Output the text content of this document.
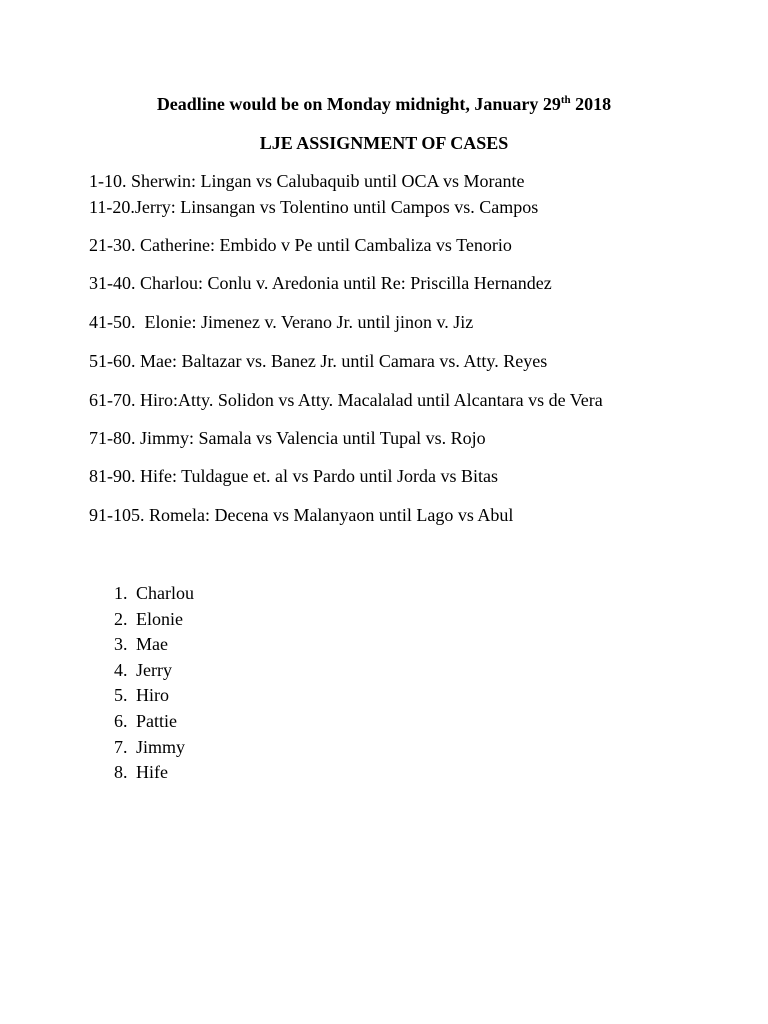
Deadline would be on Monday midnight, January 29th 2018
LJE ASSIGNMENT OF CASES

1-10. Sherwin: Lingan vs Calubaquib until OCA vs Morante

11-20.Jerry: Linsangan vs Tolentino until Campos vs. Campos

21-30. Catherine: Embido v Pe until Cambaliza vs Tenorio

31-40. Charlou: Conlu v. Aredonia until Re: Priscilla Hernandez

41-50.  Elonie: Jimenez v. Verano Jr. until jinon v. Jiz

51-60. Mae: Baltazar vs. Banez Jr. until Camara vs. Atty. Reyes

61-70. Hiro:Atty. Solidon vs Atty. Macalalad until Alcantara vs de Vera

71-80. Jimmy: Samala vs Valencia until Tupal vs. Rojo

81-90. Hife: Tuldague et. al vs Pardo until Jorda vs Bitas

91-105. Romela: Decena vs Malanyaon until Lago vs Abul

1. Charlou
2. Elonie
3. Mae
4. Jerry
5. Hiro
6. Pattie
7. Jimmy
8. Hife
